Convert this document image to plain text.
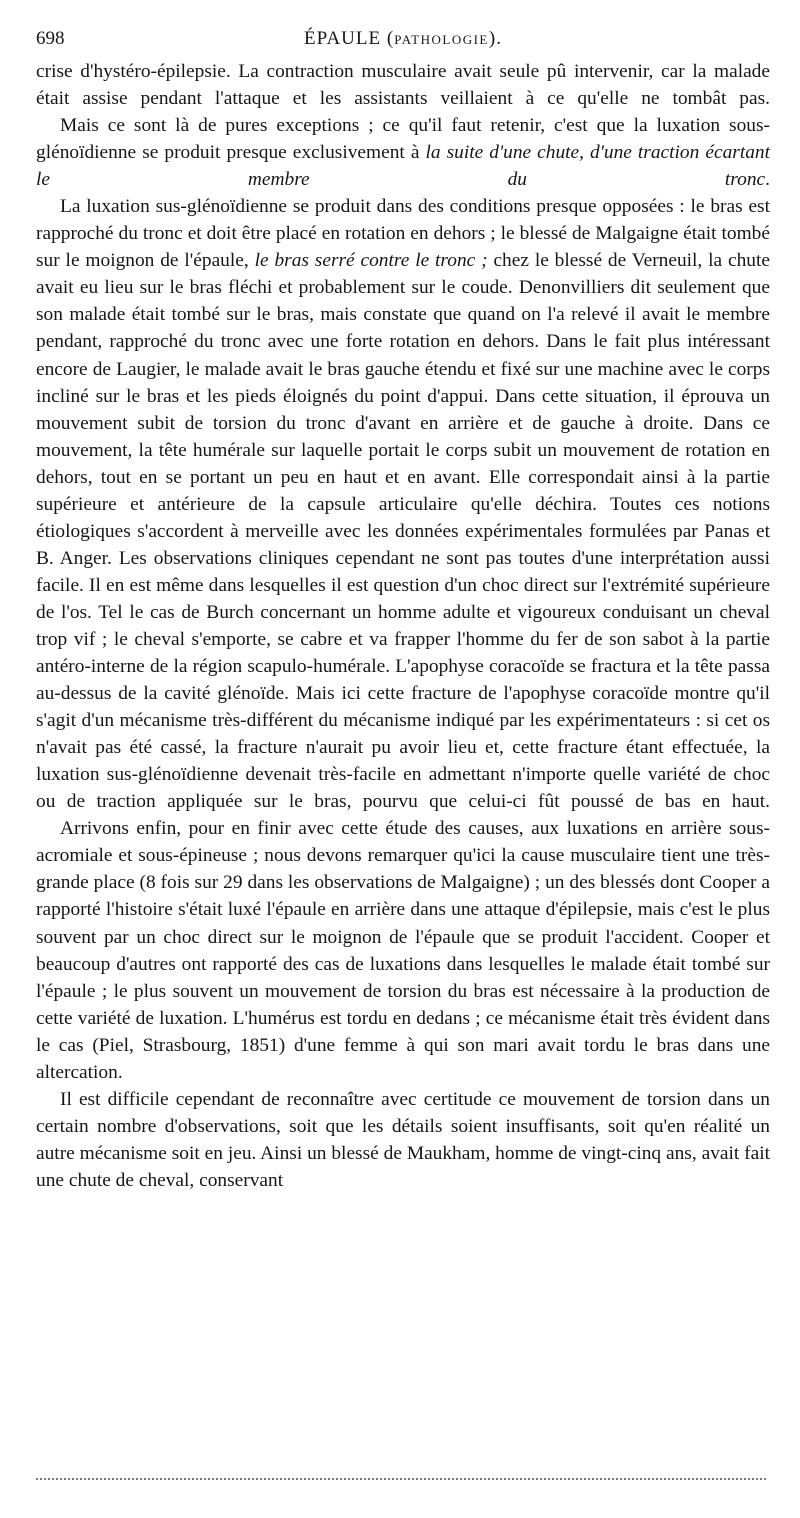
698	ÉPAULE (PATHOLOGIE).

crise d'hystéro-épilepsie. La contraction musculaire avait seule pû intervenir, car la malade était assise pendant l'attaque et les assistants veillaient à ce qu'elle ne tombât pas.

Mais ce sont là de pures exceptions ; ce qu'il faut retenir, c'est que la luxation sous-glénoïdienne se produit presque exclusivement à la suite d'une chute, d'une traction écartant le membre du tronc.

La luxation sus-glénoïdienne se produit dans des conditions presque opposées : le bras est rapproché du tronc et doit être placé en rotation en dehors ; le blessé de Malgaigne était tombé sur le moignon de l'épaule, le bras serré contre le tronc ; chez le blessé de Verneuil, la chute avait eu lieu sur le bras fléchi et probablement sur le coude. Denonvilliers dit seulement que son malade était tombé sur le bras, mais constate que quand on l'a relevé il avait le membre pendant, rapproché du tronc avec une forte rotation en dehors. Dans le fait plus intéressant encore de Laugier, le malade avait le bras gauche étendu et fixé sur une machine avec le corps incliné sur le bras et les pieds éloignés du point d'appui. Dans cette situation, il éprouva un mouvement subit de torsion du tronc d'avant en arrière et de gauche à droite. Dans ce mouvement, la tête humérale sur laquelle portait le corps subit un mouvement de rotation en dehors, tout en se portant un peu en haut et en avant. Elle correspondait ainsi à la partie supérieure et antérieure de la capsule articulaire qu'elle déchira. Toutes ces notions étiologiques s'accordent à merveille avec les données expérimentales formulées par Panas et B. Anger. Les observations cliniques cependant ne sont pas toutes d'une interprétation aussi facile. Il en est même dans lesquelles il est question d'un choc direct sur l'extrémité supérieure de l'os. Tel le cas de Burch concernant un homme adulte et vigoureux conduisant un cheval trop vif ; le cheval s'emporte, se cabre et va frapper l'homme du fer de son sabot à la partie antéro-interne de la région scapulo-humérale. L'apophyse coracoïde se fractura et la tête passa au-dessus de la cavité glénoïde. Mais ici cette fracture de l'apophyse coracoïde montre qu'il s'agit d'un mécanisme très-différent du mécanisme indiqué par les expérimentateurs : si cet os n'avait pas été cassé, la fracture n'aurait pu avoir lieu et, cette fracture étant effectuée, la luxation sus-glénoïdienne devenait très-facile en admettant n'importe quelle variété de choc ou de traction appliquée sur le bras, pourvu que celui-ci fût poussé de bas en haut.

Arrivons enfin, pour en finir avec cette étude des causes, aux luxations en arrière sous-acromiale et sous-épineuse ; nous devons remarquer qu'ici la cause musculaire tient une très-grande place (8 fois sur 29 dans les observations de Malgaigne) ; un des blessés dont Cooper a rapporté l'histoire s'était luxé l'épaule en arrière dans une attaque d'épilepsie, mais c'est le plus souvent par un choc direct sur le moignon de l'épaule que se produit l'accident. Cooper et beaucoup d'autres ont rapporté des cas de luxations dans lesquelles le malade était tombé sur l'épaule ; le plus souvent un mouvement de torsion du bras est nécessaire à la production de cette variété de luxation. L'humérus est tordu en dedans ; ce mécanisme était très évident dans le cas (Piel, Strasbourg, 1851) d'une femme à qui son mari avait tordu le bras dans une altercation.

Il est difficile cependant de reconnaître avec certitude ce mouvement de torsion dans un certain nombre d'observations, soit que les détails soient insuffisants, soit qu'en réalité un autre mécanisme soit en jeu. Ainsi un blessé de Maukham, homme de vingt-cinq ans, avait fait une chute de cheval, conservant
